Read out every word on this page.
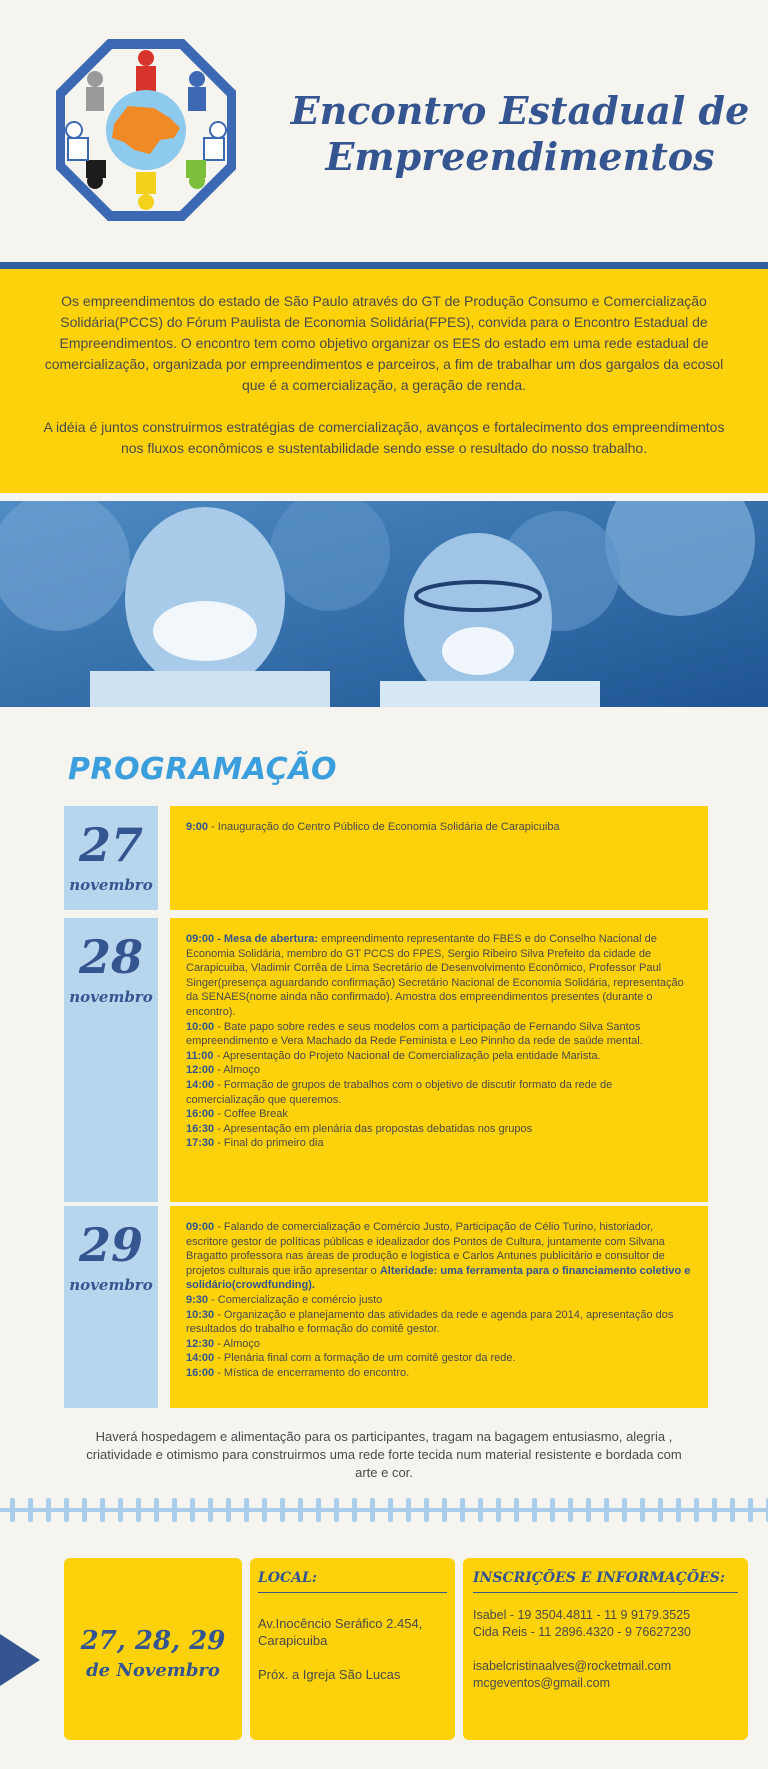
Encontro Estadual de
Empreendimentos

Os empreendimentos do estado de São Paulo através do GT de Produção Consumo e Comercialização Solidária(PCCS) do Fórum Paulista de Economia Solidária(FPES), convida para o Encontro Estadual de Empreendimentos. O encontro tem como objetivo organizar os EES do estado em uma rede estadual de comercialização, organizada por empreendimentos e parceiros, a fim de trabalhar um dos gargalos da ecosol que é a comercialização, a geração de renda.

A idéia é juntos construirmos estratégias de comercialização, avanços e fortalecimento dos empreendimentos nos fluxos econômicos e sustentabilidade sendo esse o resultado do nosso trabalho.

PROGRAMAÇÃO
27
novembro
9:00 - Inauguração do Centro Público de Economia Solidária de Carapicuiba
28
novembro
09:00 - Mesa de abertura: empreendimento representante do FBES e do Conselho Nacional de Economia Solidária, membro do GT PCCS do FPES, Sergio Ribeiro Silva Prefeito da cidade de Carapicuiba, Vladimir Corrêa de Lima Secretário de Desenvolvimento Econômico, Professor Paul Singer(presença aguardando confirmação) Secretário Nacional de Economia Solidária, representação da SENAES(nome ainda não confirmado). Amostra dos empreendimentos presentes (durante o encontro).
10:00 - Bate papo sobre redes e seus modelos com a participação de Fernando Silva Santos empreendimento e Vera Machado da Rede Feminista e Leo Pinnho da rede de saúde mental.
11:00 - Apresentação do Projeto Nacional de Comercialização pela entidade Marista.
12:00 - Almoço
14:00 - Formação de grupos de trabalhos com o objetivo de discutir formato da rede de comercialização que queremos.
16:00 - Coffee Break
16:30 - Apresentação em plenária das propostas debatidas nos grupos
17:30 - Final do primeiro dia
29
novembro
09:00 - Falando de comercialização e Comércio Justo, Participação de Célio Turino, historiador, escritore gestor de políticas públicas e idealizador dos Pontos de Cultura, juntamente com Silvana Bragatto professora nas áreas de produção e logistica e Carlos Antunes publicitário e consultor de projetos culturais que irão apresentar o Alteridade: uma ferramenta para o financiamento coletivo e solidário(crowdfunding).
9:30 - Comercialização e comércio justo
10:30 - Organização e planejamento das atividades da rede e agenda para 2014, apresentação dos resultados do trabalho e formação do comitê gestor.
12:30 - Almoço
14:00 - Plenária final com a formação de um comitê gestor da rede.
16:00 - Mística de encerramento do encontro.
Haverá hospedagem e alimentação para os participantes, tragam na bagagem entusiasmo, alegria , criatividade e otimismo para construirmos uma rede forte tecida num material resistente e bordada com arte e cor.
27, 28, 29
de Novembro
LOCAL:
Av.Inocêncio Seráfico 2.454,
Carapicuiba
Próx. a Igreja São Lucas
INSCRIÇÕES E INFORMAÇÕES:
Isabel - 19 3504.4811 - 11 9 9179.3525
Cida Reis - 11 2896.4320 - 9 76627230
isabelcristinaalves@rocketmail.com
mcgeventos@gmail.com
